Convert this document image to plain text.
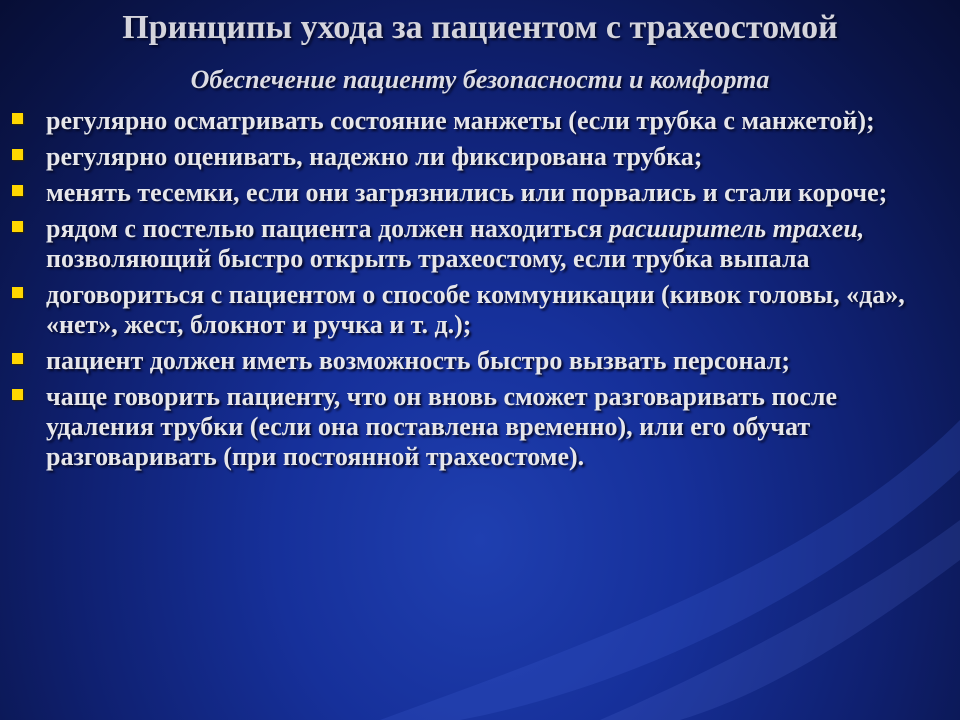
Принципы ухода за пациентом с трахеостомой
Обеспечение пациенту безопасности и комфорта
регулярно осматривать состояние манжеты (если трубка с манжетой);
регулярно оценивать, надежно ли фиксирована трубка;
менять тесемки, если они загрязнились или порвались и стали короче;
рядом с постелью пациента должен находиться расширитель трахеи, позволяющий быстро открыть трахеостому, если трубка выпала
договориться с пациентом о способе коммуникации (кивок головы, «да», «нет», жест, блокнот и ручка и т. д.);
пациент должен иметь возможность быстро вызвать персонал;
чаще говорить пациенту, что он вновь сможет разговаривать после удаления трубки (если она поставлена временно), или его обучат разговаривать (при постоянной трахеостоме).
